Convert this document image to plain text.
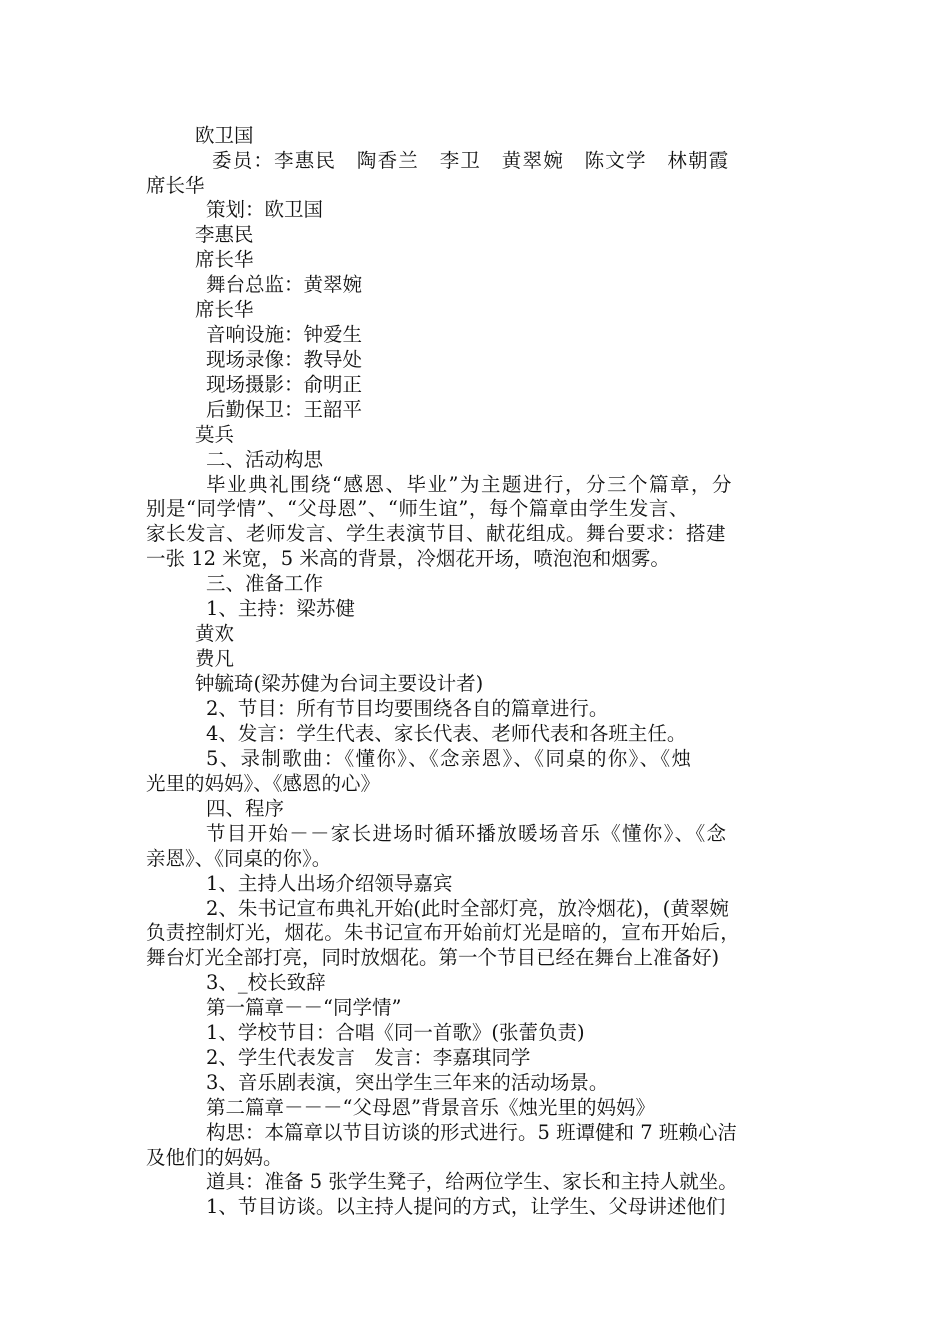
欧卫国

委员：李惠民　陶香兰　李卫　黄翠婉　陈文学　林朝霞

席长华

策划：欧卫国

李惠民

席长华

舞台总监：黄翠婉

席长华

音响设施：钟爱生

现场录像：教导处

现场摄影：俞明正

后勤保卫：王韶平

莫兵

二、活动构思

毕业典礼围绕“感恩、毕业”为主题进行，分三个篇章，分

别是“同学情”、“父母恩”、“师生谊”，每个篇章由学生发言、

家长发言、老师发言、学生表演节目、献花组成。舞台要求：搭建

一张 12 米宽，5 米高的背景，冷烟花开场，喷泡泡和烟雾。

三、准备工作

1、主持：梁苏健

黄欢

费凡

钟毓琦(梁苏健为台词主要设计者)

2、节目：所有节目均要围绕各自的篇章进行。

4、发言：学生代表、家长代表、老师代表和各班主任。

5、录制歌曲：《懂你》、《念亲恩》、《同桌的你》、《烛

光里的妈妈》、《感恩的心》

四、程序

节目开始－－家长进场时循环播放暖场音乐《懂你》、《念

亲恩》、《同桌的你》。

1、主持人出场介绍领导嘉宾

2、朱书记宣布典礼开始(此时全部灯亮，放冷烟花)，(黄翠婉

负责控制灯光，烟花。朱书记宣布开始前灯光是暗的，宣布开始后，

舞台灯光全部打亮，同时放烟花。第一个节目已经在舞台上准备好)

3、_校长致辞

第一篇章－－“同学情”

1、学校节目：合唱《同一首歌》(张蕾负责)

2、学生代表发言　发言：李嘉琪同学

3、音乐剧表演，突出学生三年来的活动场景。

第二篇章－－－“父母恩”背景音乐《烛光里的妈妈》

构思：本篇章以节目访谈的形式进行。5 班谭健和 7 班赖心洁

及他们的妈妈。

道具：准备 5 张学生凳子，给两位学生、家长和主持人就坐。

1、节目访谈。以主持人提问的方式，让学生、父母讲述他们
